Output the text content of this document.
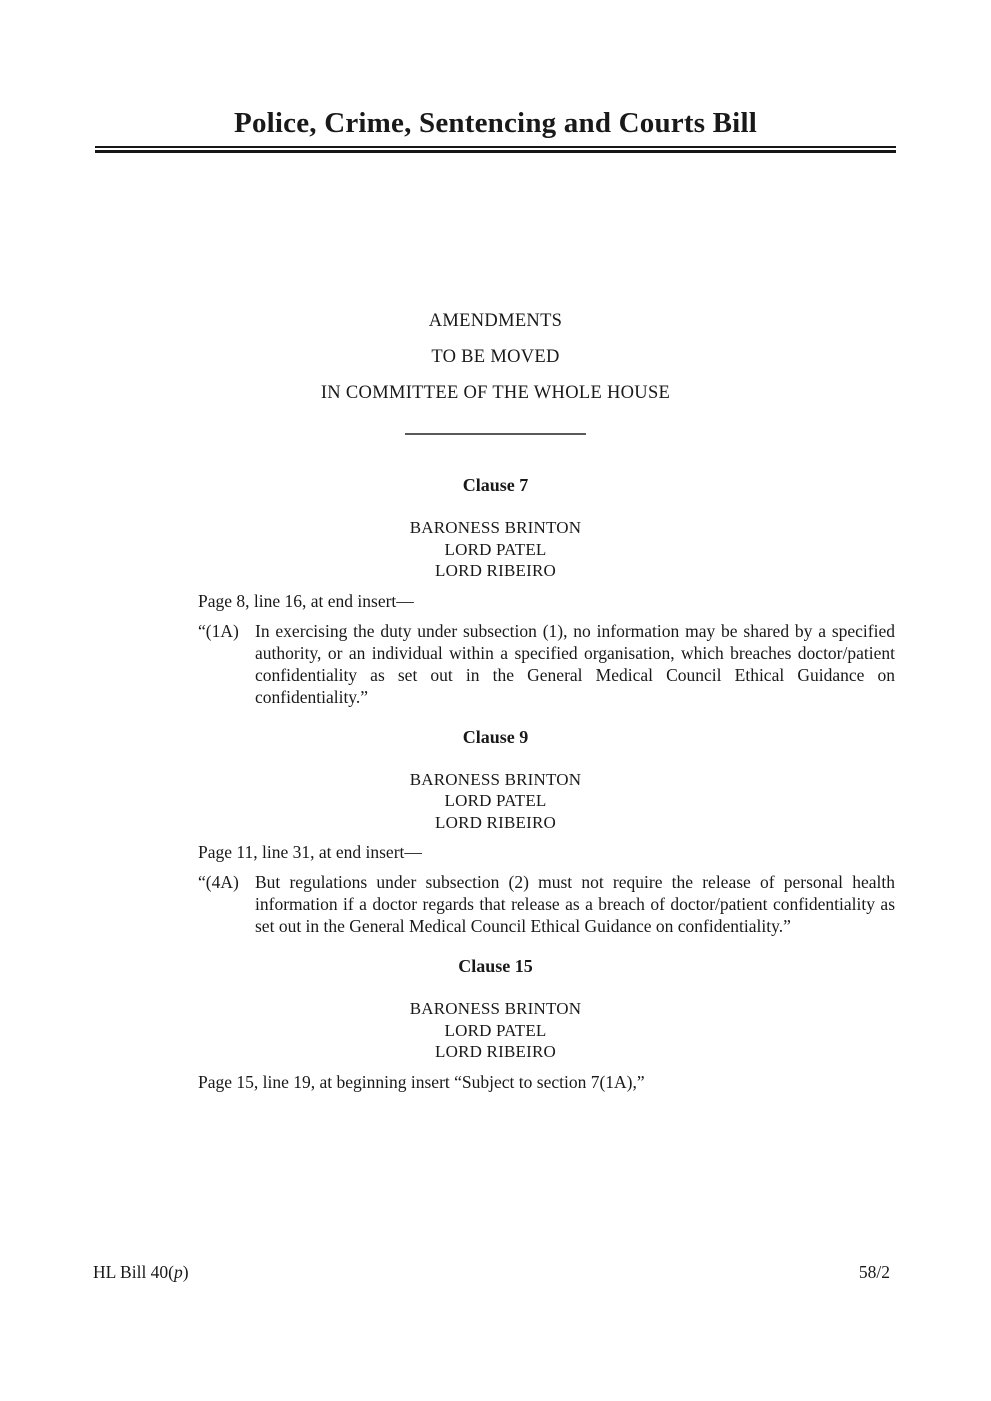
Police, Crime, Sentencing and Courts Bill
AMENDMENTS
TO BE MOVED
IN COMMITTEE OF THE WHOLE HOUSE
Clause 7
BARONESS BRINTON
LORD PATEL
LORD RIBEIRO

Page 8, line 16, at end insert—

“(1A) In exercising the duty under subsection (1), no information may be shared by a specified authority, or an individual within a specified organisation, which breaches doctor/patient confidentiality as set out in the General Medical Council Ethical Guidance on confidentiality.”
Clause 9
BARONESS BRINTON
LORD PATEL
LORD RIBEIRO

Page 11, line 31, at end insert—

“(4A) But regulations under subsection (2) must not require the release of personal health information if a doctor regards that release as a breach of doctor/patient confidentiality as set out in the General Medical Council Ethical Guidance on confidentiality.”
Clause 15
BARONESS BRINTON
LORD PATEL
LORD RIBEIRO

Page 15, line 19, at beginning insert “Subject to section 7(1A),”

HL Bill 40(p)	58/2
